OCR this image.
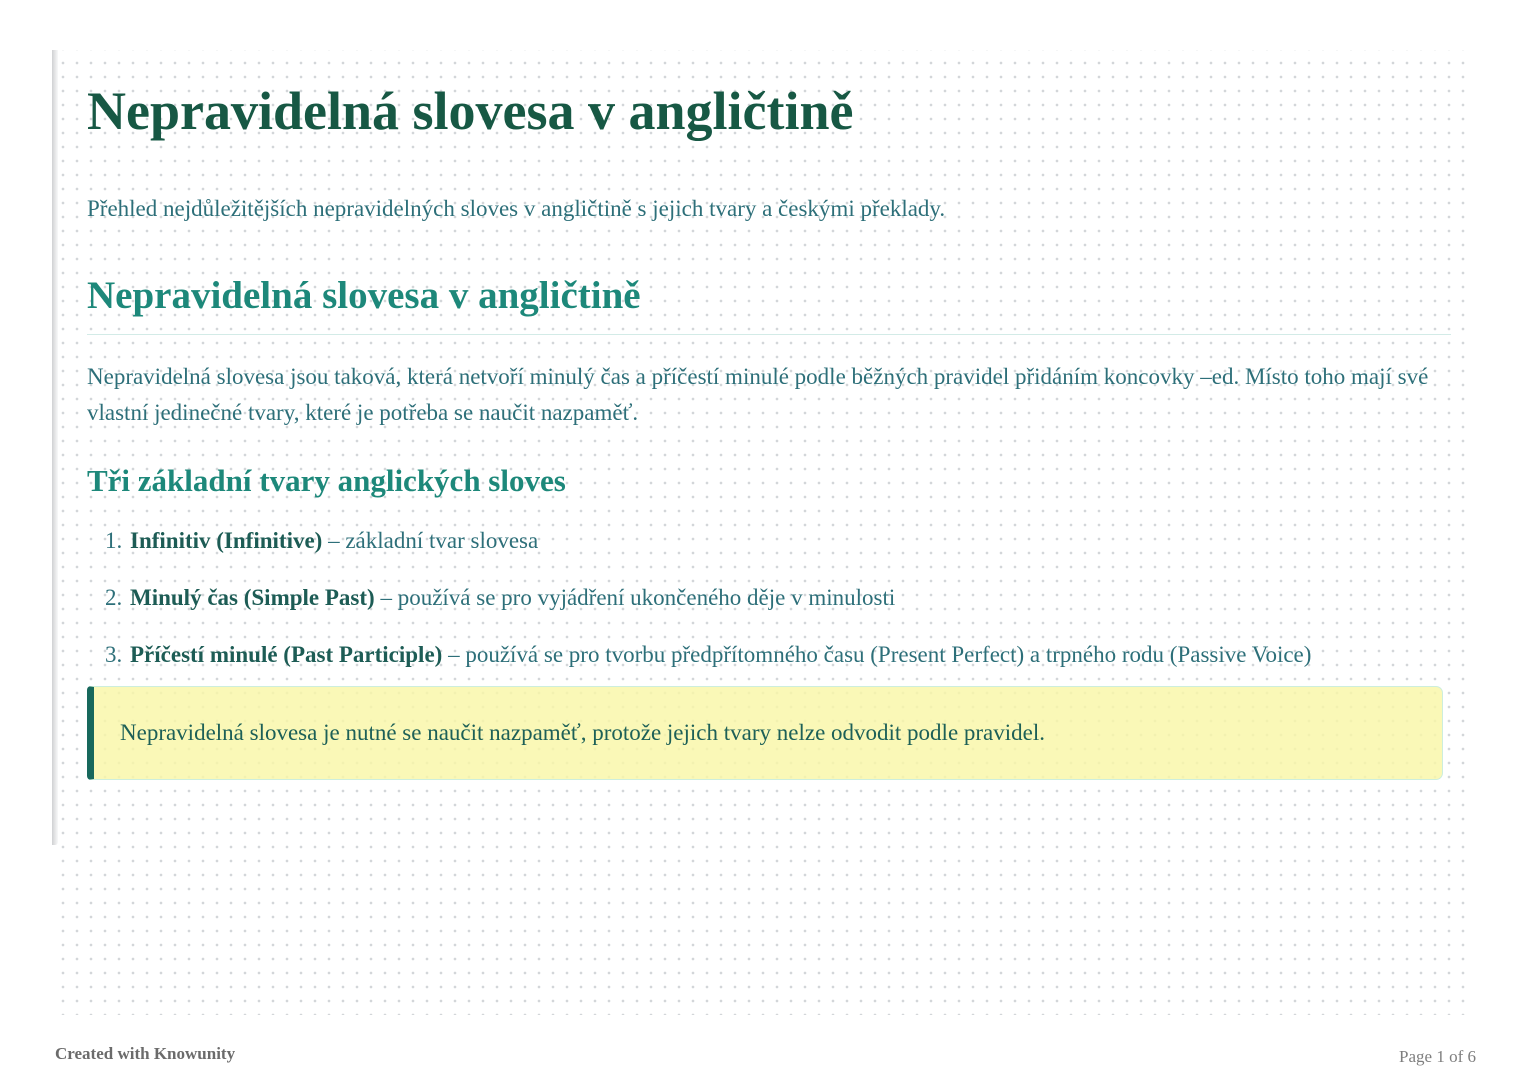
Nepravidelná slovesa v angličtině

Přehled nejdůležitějších nepravidelných sloves v angličtině s jejich tvary a českými překlady.

Nepravidelná slovesa v angličtině

Nepravidelná slovesa jsou taková, která netvoří minulý čas a příčestí minulé podle běžných pravidel přidáním koncovky –ed. Místo toho mají své vlastní jedinečné tvary, které je potřeba se naučit nazpaměť.

Tři základní tvary anglických sloves
1. Infinitiv (Infinitive) – základní tvar slovesa
2. Minulý čas (Simple Past) – používá se pro vyjádření ukončeného děje v minulosti
3. Příčestí minulé (Past Participle) – používá se pro tvorbu předpřítomného času (Present Perfect) a trpného rodu (Passive Voice)

Nepravidelná slovesa je nutné se naučit nazpaměť, protože jejich tvary nelze odvodit podle pravidel.

Created with Knowunity	Page 1 of 6
